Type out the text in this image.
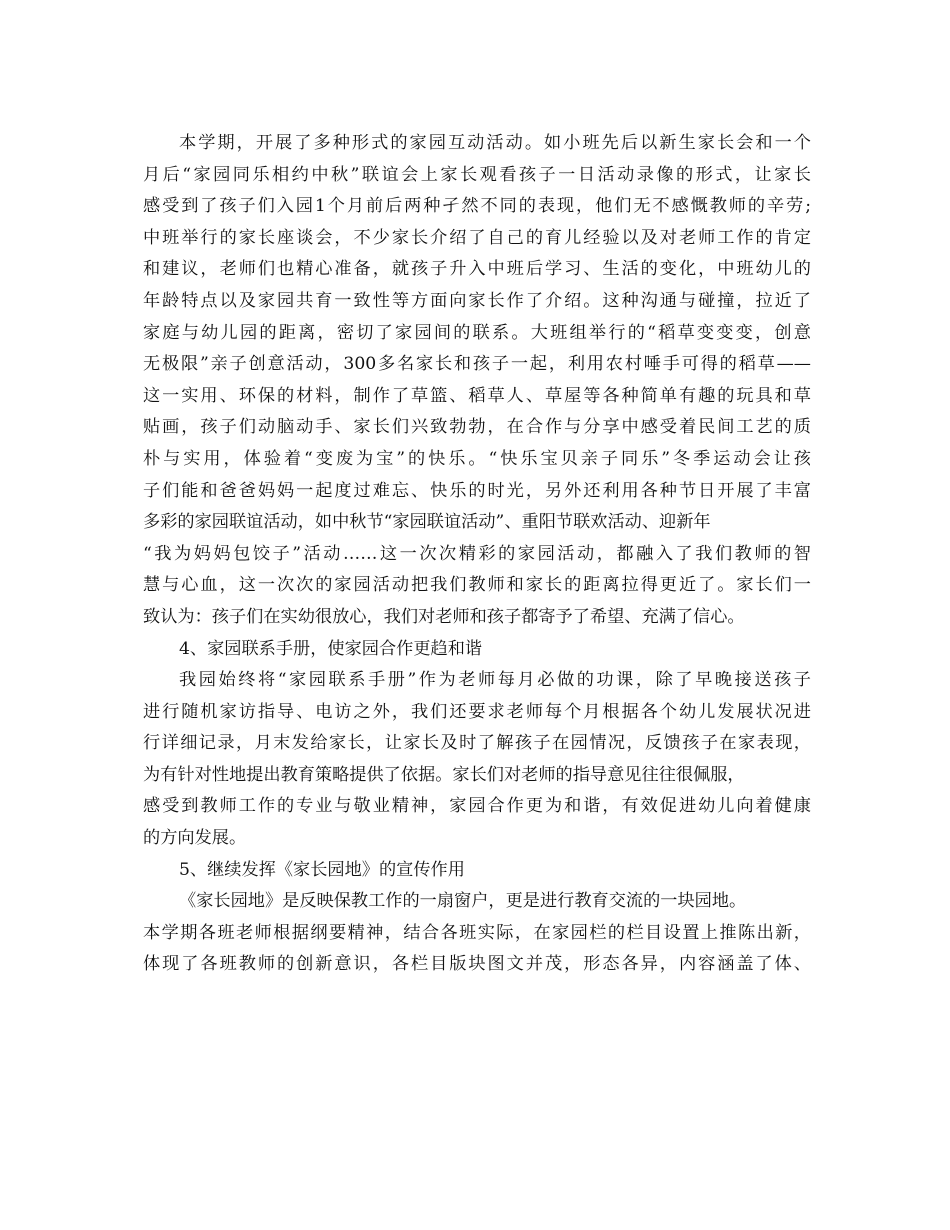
本学期，开展了多种形式的家园互动活动。如小班先后以新生家长会和一个
月后“家园同乐相约中秋”联谊会上家长观看孩子一日活动录像的形式，让家长
感受到了孩子们入园1个月前后两种孑然不同的表现，他们无不感慨教师的辛劳;
中班举行的家长座谈会，不少家长介绍了自己的育儿经验以及对老师工作的肯定
和建议，老师们也精心准备，就孩子升入中班后学习、生活的变化，中班幼儿的
年龄特点以及家园共育一致性等方面向家长作了介绍。这种沟通与碰撞，拉近了
家庭与幼儿园的距离，密切了家园间的联系。大班组举行的“稻草变变变，创意
无极限”亲子创意活动，300多名家长和孩子一起，利用农村唾手可得的稻草——
这一实用、环保的材料，制作了草篮、稻草人、草屋等各种简单有趣的玩具和草
贴画，孩子们动脑动手、家长们兴致勃勃，在合作与分享中感受着民间工艺的质
朴与实用，体验着“变废为宝”的快乐。“快乐宝贝亲子同乐”冬季运动会让孩
子们能和爸爸妈妈一起度过难忘、快乐的时光，另外还利用各种节日开展了丰富
多彩的家园联谊活动，如中秋节“家园联谊活动”、重阳节联欢活动、迎新年
“我为妈妈包饺子”活动……这一次次精彩的家园活动，都融入了我们教师的智
慧与心血，这一次次的家园活动把我们教师和家长的距离拉得更近了。家长们一
致认为：孩子们在实幼很放心，我们对老师和孩子都寄予了希望、充满了信心。
4、家园联系手册，使家园合作更趋和谐
我园始终将“家园联系手册”作为老师每月必做的功课，除了早晚接送孩子
进行随机家访指导、电访之外，我们还要求老师每个月根据各个幼儿发展状况进
行详细记录，月末发给家长，让家长及时了解孩子在园情况，反馈孩子在家表现，
为有针对性地提出教育策略提供了依据。家长们对老师的指导意见往往很佩服，
感受到教师工作的专业与敬业精神，家园合作更为和谐，有效促进幼儿向着健康
的方向发展。
5、继续发挥《家长园地》的宣传作用
《家长园地》是反映保教工作的一扇窗户，更是进行教育交流的一块园地。
本学期各班老师根据纲要精神，结合各班实际，在家园栏的栏目设置上推陈出新，
体现了各班教师的创新意识，各栏目版块图文并茂，形态各异，内容涵盖了体、
